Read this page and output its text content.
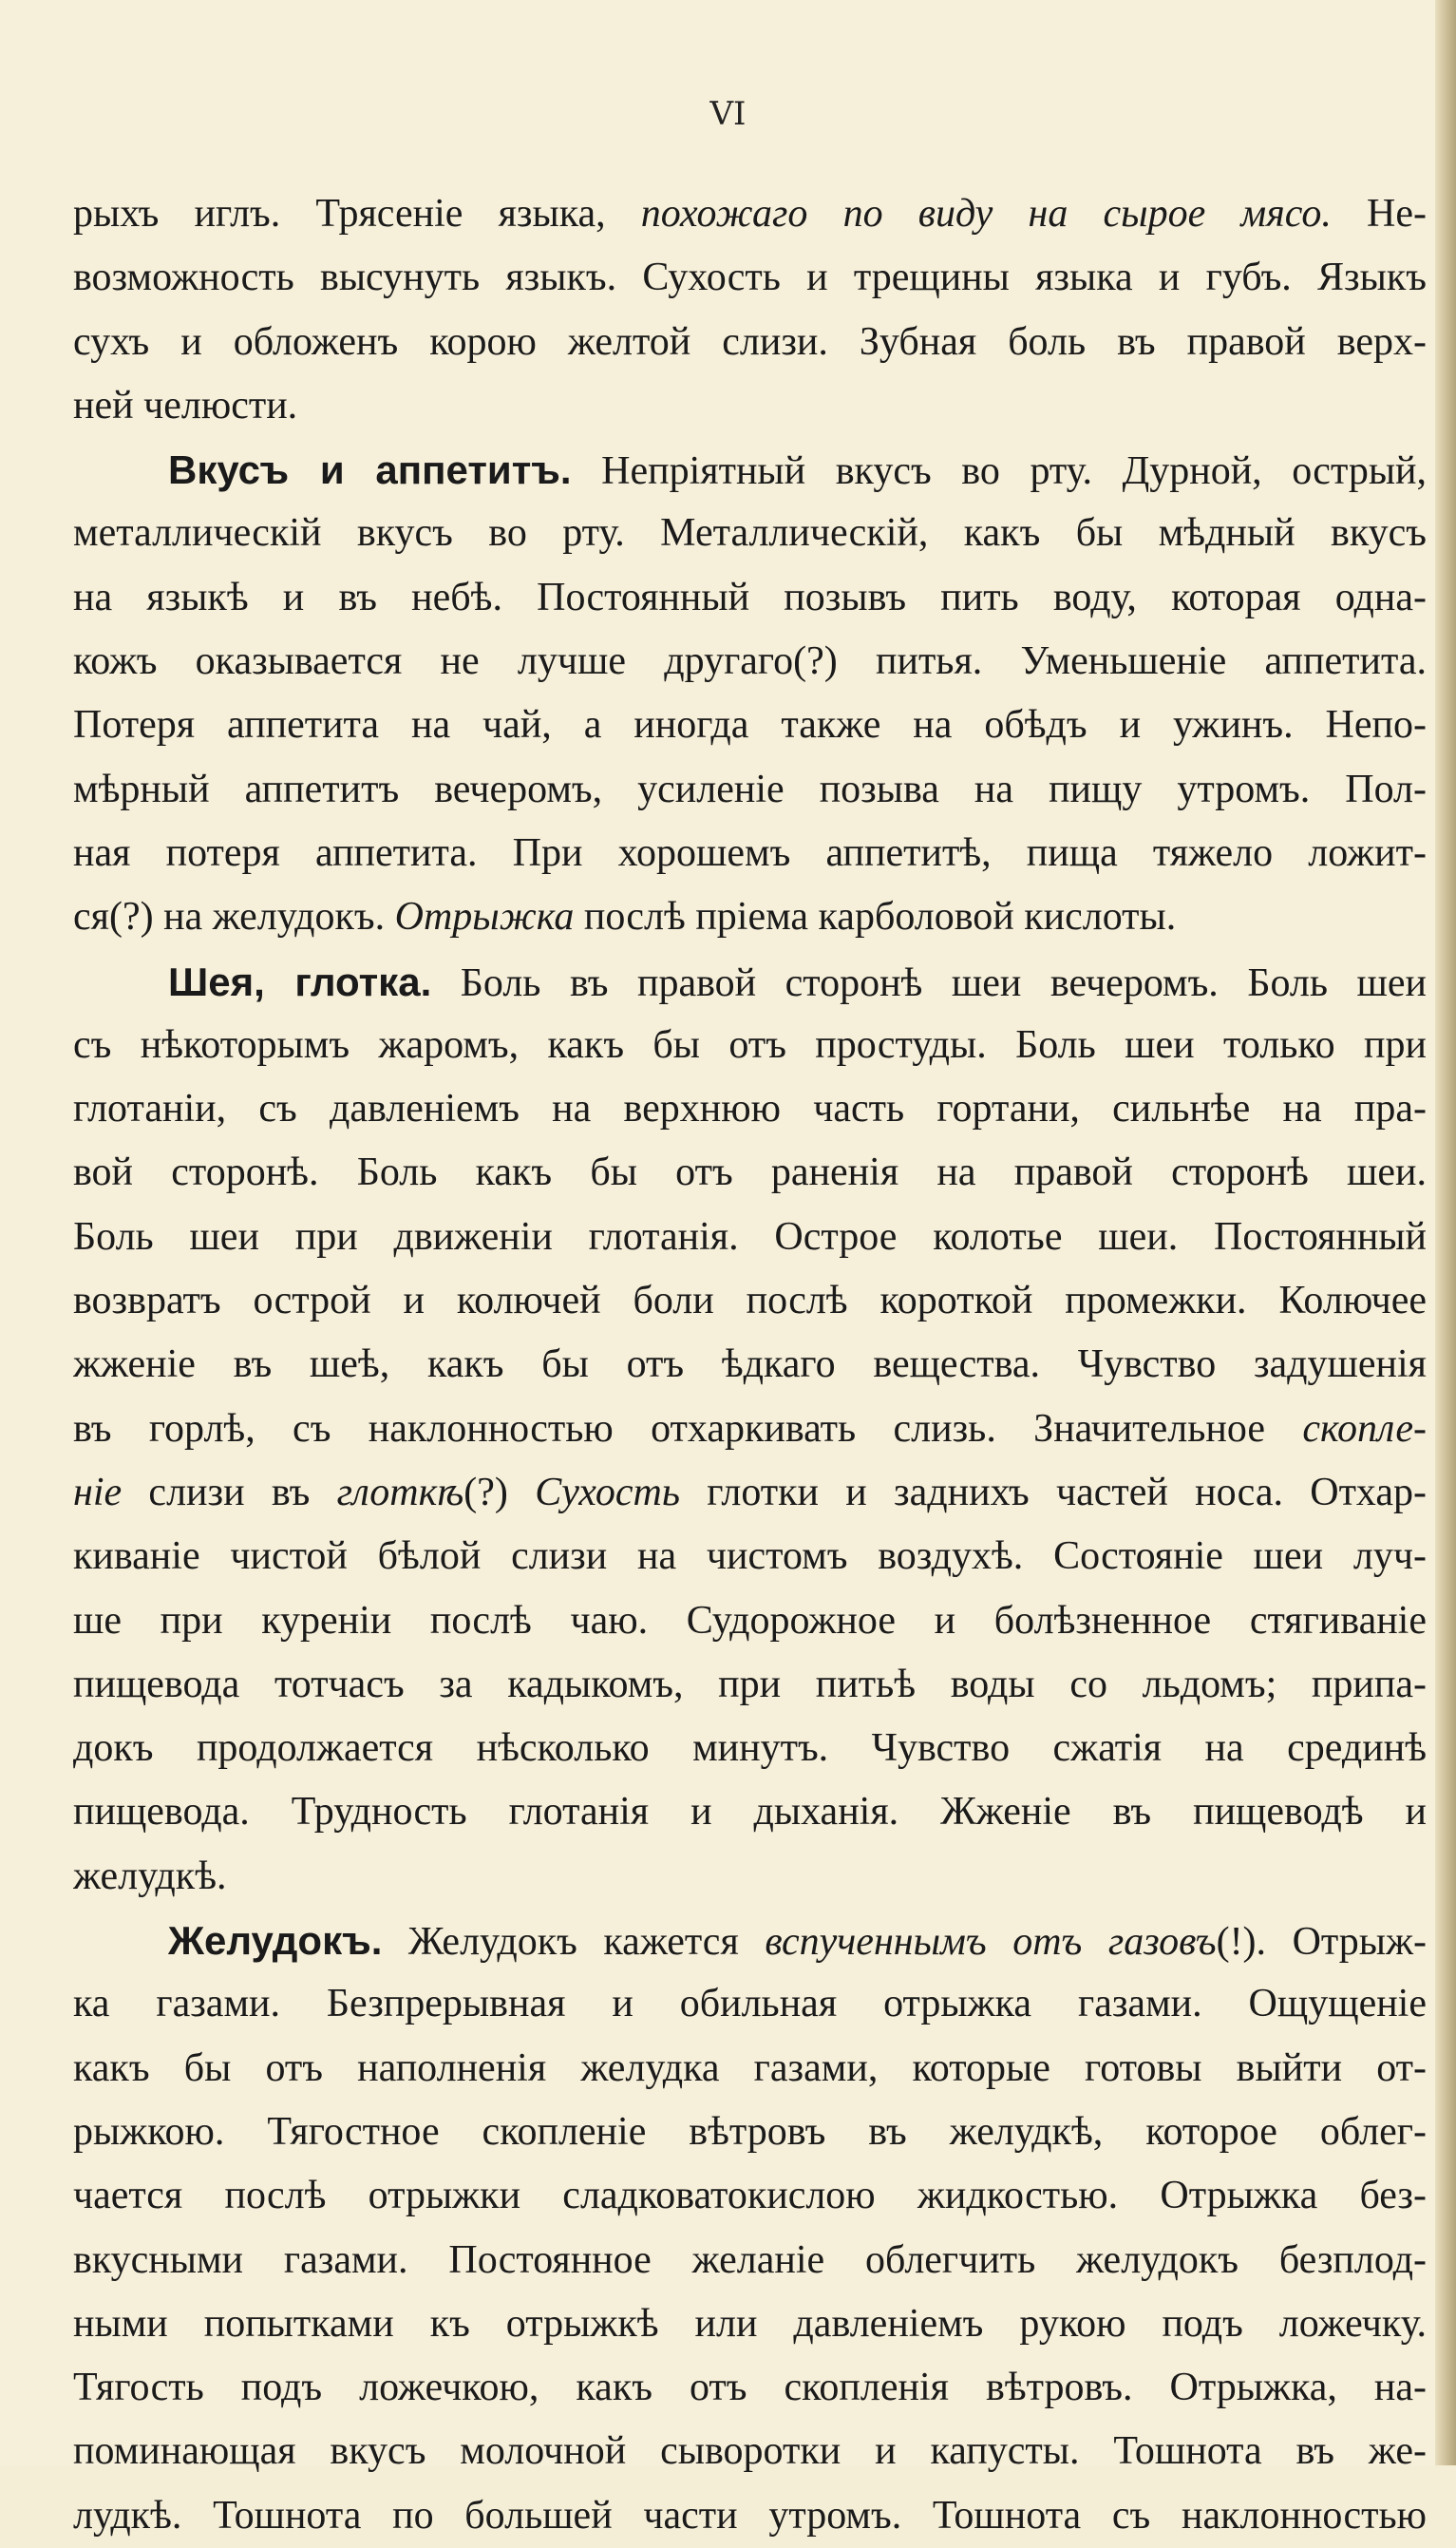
VI
рыхъ иглъ. Трясеніе языка, похожаго по виду на сырое мясо. Не-
возможность высунуть языкъ. Сухость и трещины языка и губъ. Языкъ
сухъ и обложенъ корою желтой слизи. Зубная боль въ правой верх-
ней челюсти.
Вкусъ и аппетитъ. Непріятный вкусъ во рту. Дурной, острый,
металлическій вкусъ во рту. Металлическій, какъ бы мѣдный вкусъ
на языкѣ и въ небѣ. Постоянный позывъ пить воду, которая одна-
кожъ оказывается не лучше другаго(?) питья. Уменьшеніе аппетита.
Потеря аппетита на чай, а иногда также на обѣдъ и ужинъ. Непо-
мѣрный аппетитъ вечеромъ, усиленіе позыва на пищу утромъ. Пол-
ная потеря аппетита. При хорошемъ аппетитѣ, пища тяжело ложит-
ся(?) на желудокъ. Отрыжка послѣ пріема карболовой кислоты.
Шея, глотка. Боль въ правой сторонѣ шеи вечеромъ. Боль шеи
съ нѣкоторымъ жаромъ, какъ бы отъ простуды. Боль шеи только при
глотаніи, съ давленіемъ на верхнюю часть гортани, сильнѣе на пра-
вой сторонѣ. Боль какъ бы отъ раненія на правой сторонѣ шеи.
Боль шеи при движеніи глотанія. Острое колотье шеи. Постоянный
возвратъ острой и колючей боли послѣ короткой промежки. Колючее
жженіе въ шеѣ, какъ бы отъ ѣдкаго вещества. Чувство задушенія
въ горлѣ, съ наклонностью отхаркивать слизь. Значительное скопле-
ніе слизи въ глоткѣ(?) Сухость глотки и заднихъ частей носа. Отхар-
киваніе чистой бѣлой слизи на чистомъ воздухѣ. Состояніе шеи луч-
ше при куреніи послѣ чаю. Судорожное и болѣзненное стягиваніе
пищевода тотчасъ за кадыкомъ, при питьѣ воды со льдомъ; припа-
докъ продолжается нѣсколько минутъ. Чувство сжатія на срединѣ
пищевода. Трудность глотанія и дыханія. Жженіе въ пищеводѣ и
желудкѣ.
Желудокъ. Желудокъ кажется вспученнымъ отъ газовъ(!). Отрыж-
ка газами. Безпрерывная и обильная отрыжка газами. Ощущеніе
какъ бы отъ наполненія желудка газами, которые готовы выйти от-
рыжкою. Тягостное скопленіе вѣтровъ въ желудкѣ, которое облег-
чается послѣ отрыжки сладковатокислою жидкостью. Отрыжка без-
вкусными газами. Постоянное желаніе облегчить желудокъ безплод-
ными попытками къ отрыжкѣ или давленіемъ рукою подъ ложечку.
Тягость подъ ложечкою, какъ отъ скопленія вѣтровъ. Отрыжка, на-
поминающая вкусъ молочной сыворотки и капусты. Тошнота въ же-
лудкѣ. Тошнота по большей части утромъ. Тошнота съ наклонностью
